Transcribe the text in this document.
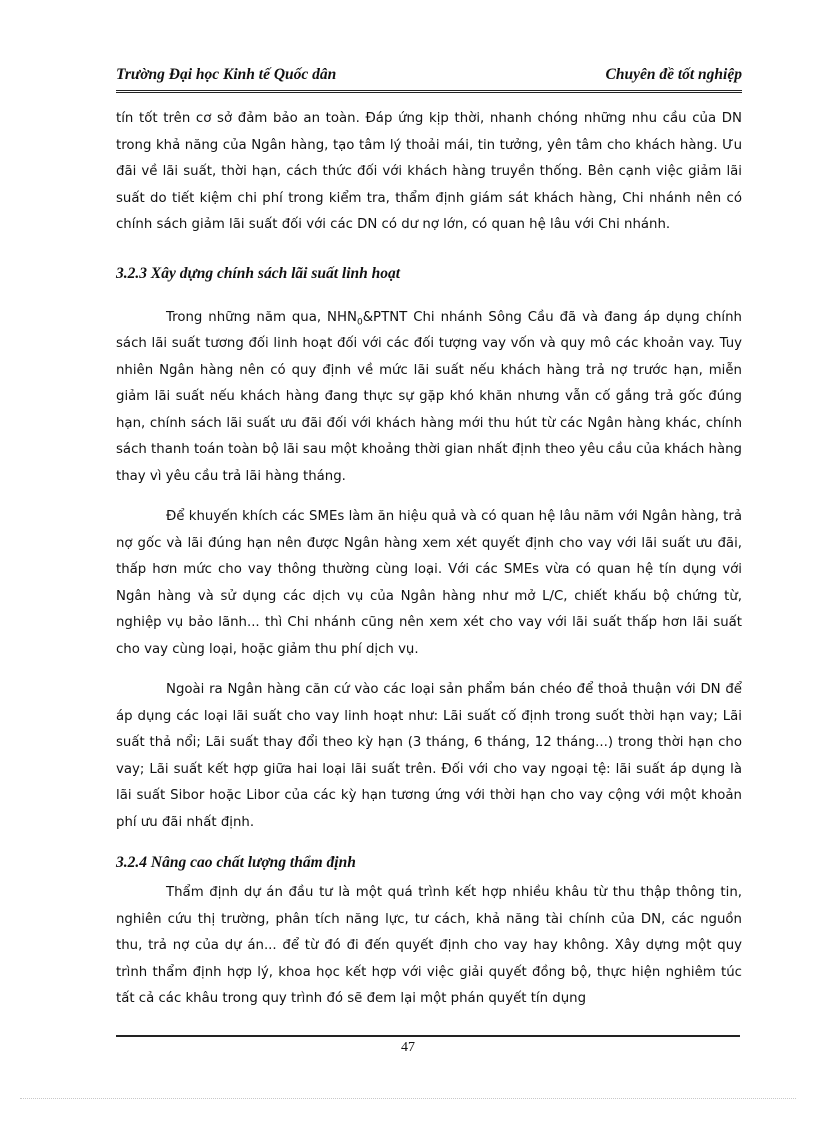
Trường Đại học Kinh tế Quốc dân	Chuyên đề tốt nghiệp

tín tốt trên cơ sở đảm bảo an toàn. Đáp ứng kịp thời, nhanh chóng những nhu cầu của DN trong khả năng của Ngân hàng, tạo tâm lý thoải mái, tin tưởng, yên tâm cho khách hàng. Ưu đãi về lãi suất, thời hạn, cách thức đối với khách hàng truyền thống. Bên cạnh việc giảm lãi suất do tiết kiệm chi phí trong kiểm tra, thẩm định giám sát khách hàng, Chi nhánh nên có chính sách giảm lãi suất đối với các DN có dư nợ lớn, có quan hệ lâu với Chi nhánh.

3.2.3 Xây dựng chính sách lãi suất linh hoạt

Trong những năm qua, $NHN_0\&PTNT$ Chi nhánh Sông Cầu đã và đang áp dụng chính sách lãi suất tương đối linh hoạt đối với các đối tượng vay vốn và quy mô các khoản vay. Tuy nhiên Ngân hàng nên có quy định về mức lãi suất nếu khách hàng trả nợ trước hạn, miễn giảm lãi suất nếu khách hàng đang thực sự gặp khó khăn nhưng vẫn cố gắng trả gốc đúng hạn, chính sách lãi suất ưu đãi đối với khách hàng mới thu hút từ các Ngân hàng khác, chính sách thanh toán toàn bộ lãi sau một khoảng thời gian nhất định theo yêu cầu của khách hàng thay vì yêu cầu trả lãi hàng tháng.

Để khuyến khích các SMEs làm ăn hiệu quả và có quan hệ lâu năm với Ngân hàng, trả nợ gốc và lãi đúng hạn nên được Ngân hàng xem xét quyết định cho vay với lãi suất ưu đãi, thấp hơn mức cho vay thông thường cùng loại. Với các SMEs vừa có quan hệ tín dụng với Ngân hàng và sử dụng các dịch vụ của Ngân hàng như mở L/C, chiết khấu bộ chứng từ, nghiệp vụ bảo lãnh... thì Chi nhánh cũng nên xem xét cho vay với lãi suất thấp hơn lãi suất cho vay cùng loại, hoặc giảm thu phí dịch vụ.

Ngoài ra Ngân hàng căn cứ vào các loại sản phẩm bán chéo để thoả thuận với DN để áp dụng các loại lãi suất cho vay linh hoạt như: Lãi suất cố định trong suốt thời hạn vay; Lãi suất thả nổi; Lãi suất thay đổi theo kỳ hạn (3 tháng, 6 tháng, 12 tháng...) trong thời hạn cho vay; Lãi suất kết hợp giữa hai loại lãi suất trên. Đối với cho vay ngoại tệ: lãi suất áp dụng là lãi suất Sibor hoặc Libor của các kỳ hạn tương ứng với thời hạn cho vay cộng với một khoản phí ưu đãi nhất định.

3.2.4 Nâng cao chất lượng thẩm định

Thẩm định dự án đầu tư là một quá trình kết hợp nhiều khâu từ thu thập thông tin, nghiên cứu thị trường, phân tích năng lực, tư cách, khả năng tài chính của DN, các nguồn thu, trả nợ của dự án... để từ đó đi đến quyết định cho vay hay không. Xây dựng một quy trình thẩm định hợp lý, khoa học kết hợp với việc giải quyết đồng bộ, thực hiện nghiêm túc tất cả các khâu trong quy trình đó sẽ đem lại một phán quyết tín dụng

47
